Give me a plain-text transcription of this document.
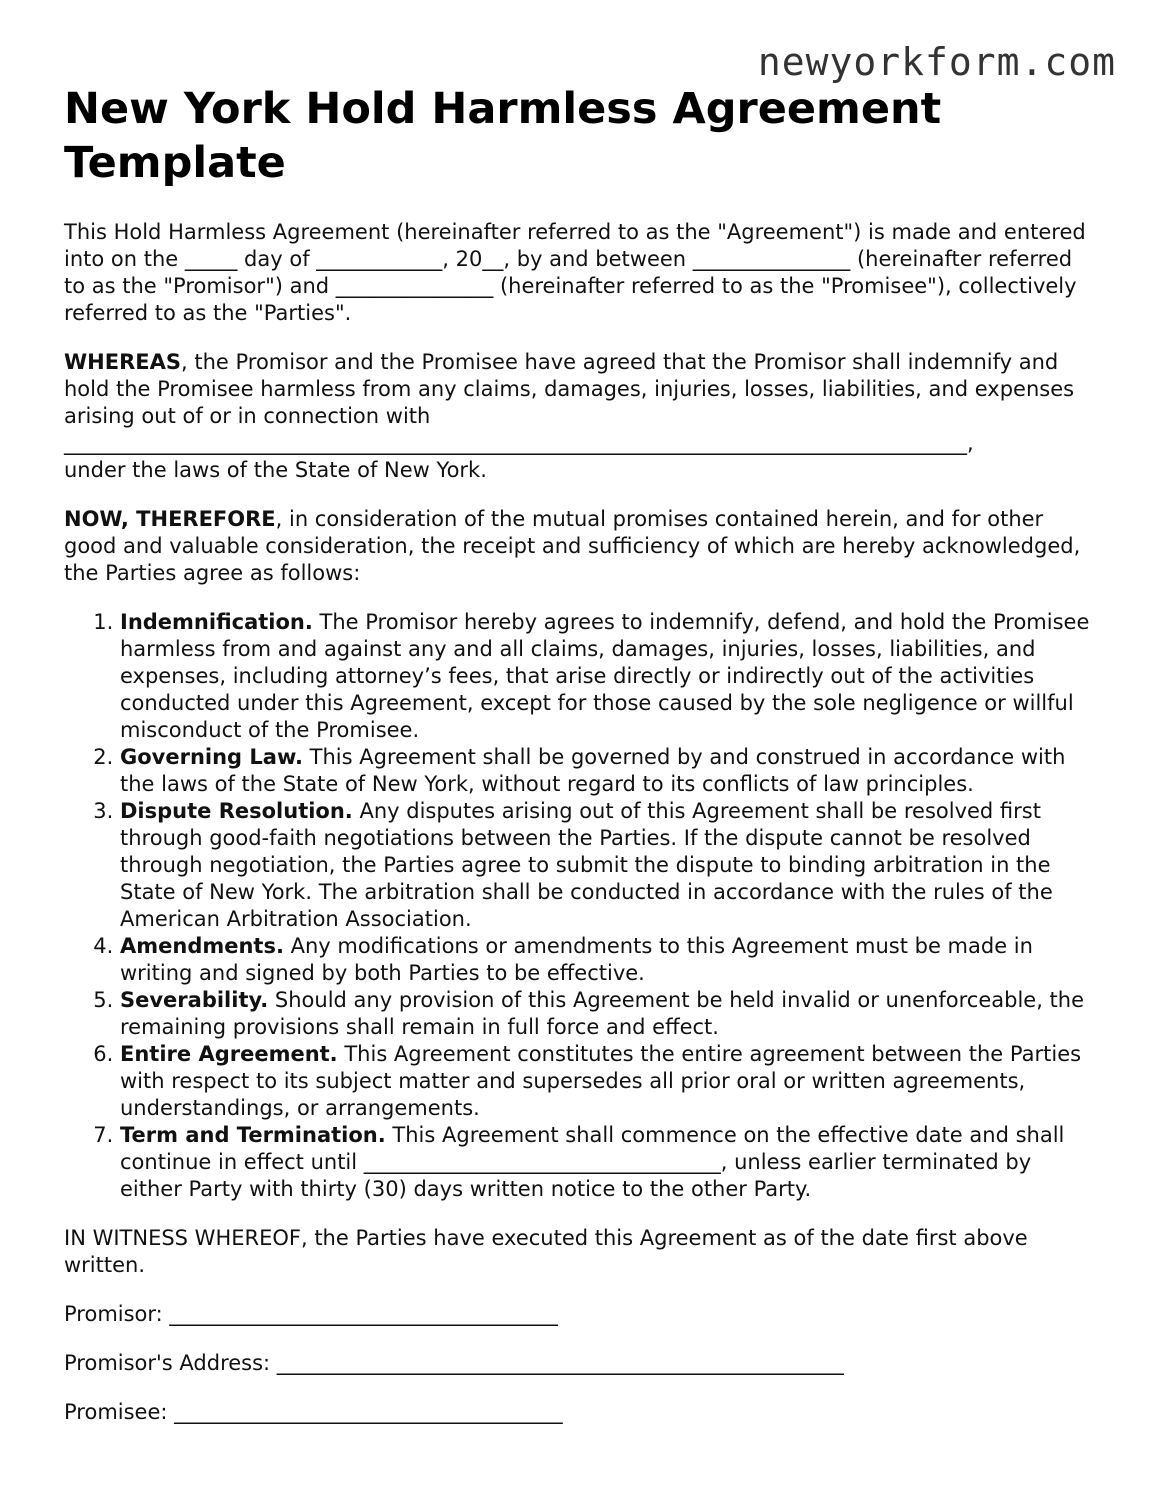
newyorkform.com
New York Hold Harmless Agreement Template

This Hold Harmless Agreement (hereinafter referred to as the "Agreement") is made and entered into on the _____ day of ____________, 20__, by and between _______________ (hereinafter referred to as the "Promisor") and _______________ (hereinafter referred to as the "Promisee"), collectively referred to as the "Parties".

WHEREAS, the Promisor and the Promisee have agreed that the Promisor shall indemnify and hold the Promisee harmless from any claims, damages, injuries, losses, liabilities, and expenses arising out of or in connection with
______________________________________________________________________________________,
under the laws of the State of New York.

NOW, THEREFORE, in consideration of the mutual promises contained herein, and for other good and valuable consideration, the receipt and sufficiency of which are hereby acknowledged, the Parties agree as follows:

1. Indemnification. The Promisor hereby agrees to indemnify, defend, and hold the Promisee harmless from and against any and all claims, damages, injuries, losses, liabilities, and expenses, including attorney’s fees, that arise directly or indirectly out of the activities conducted under this Agreement, except for those caused by the sole negligence or willful misconduct of the Promisee.
2. Governing Law. This Agreement shall be governed by and construed in accordance with the laws of the State of New York, without regard to its conflicts of law principles.
3. Dispute Resolution. Any disputes arising out of this Agreement shall be resolved first through good-faith negotiations between the Parties. If the dispute cannot be resolved through negotiation, the Parties agree to submit the dispute to binding arbitration in the State of New York. The arbitration shall be conducted in accordance with the rules of the American Arbitration Association.
4. Amendments. Any modifications or amendments to this Agreement must be made in writing and signed by both Parties to be effective.
5. Severability. Should any provision of this Agreement be held invalid or unenforceable, the remaining provisions shall remain in full force and effect.
6. Entire Agreement. This Agreement constitutes the entire agreement between the Parties with respect to its subject matter and supersedes all prior oral or written agreements, understandings, or arrangements.
7. Term and Termination. This Agreement shall commence on the effective date and shall continue in effect until __________________________________, unless earlier terminated by either Party with thirty (30) days written notice to the other Party.

IN WITNESS WHEREOF, the Parties have executed this Agreement as of the date first above written.

Promisor: _____________________________________

Promisor's Address: ______________________________________________________

Promisee: _____________________________________
